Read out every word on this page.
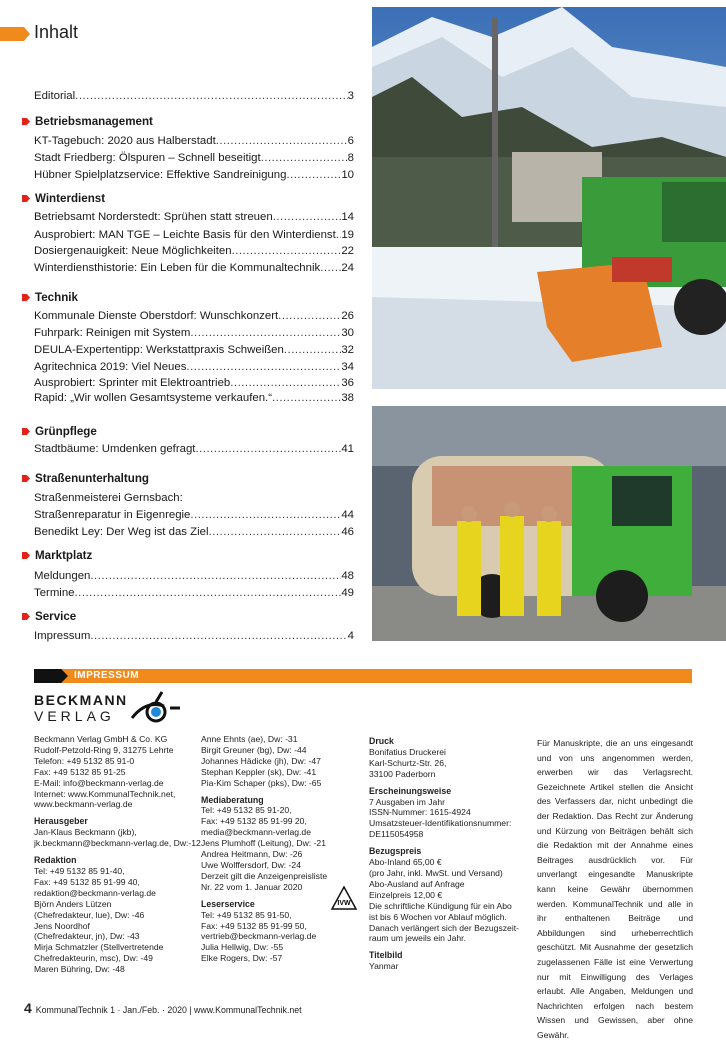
Inhalt
Editorial .....	3
Betriebsmanagement
KT-Tagebuch: 2020 aus Halberstadt .....	6
Stadt Friedberg: Ölspuren – Schnell beseitigt .....	8
Hübner Spielplatzservice: Effektive Sandreinigung .....	10
Winterdienst
Betriebsamt Norderstedt: Sprühen statt streuen .....	14
Ausprobiert: MAN TGE – Leichte Basis für den Winterdienst ..... 19
Dosiergenauigkeit: Neue Möglichkeiten .....	22
Winterdiensthistorie: Ein Leben für die Kommunaltechnik ..... 24
Technik
Kommunale Dienste Oberstdorf: Wunschkonzert .....	26
Fuhrpark: Reinigen mit System .....	30
DEULA-Expertentipp: Werkstattpraxis Schweißen .....	32
Agritechnica 2019: Viel Neues .....	34
Ausprobiert: Sprinter mit Elektroantrieb .....	36
Rapid: „Wir wollen Gesamtsysteme verkaufen.“ .....	38
Grünpflege
Stadtbäume: Umdenken gefragt .....	41
Straßenunterhaltung
Straßenmeisterei Gernsbach:
Straßenreparatur in Eigenregie .....	44
Benedikt Ley: Der Weg ist das Ziel .....	46
Marktplatz
Meldungen .....	48
Termine .....	49
Service
Impressum .....	4
IMPRESSUM
BECKMANN
VERLAG
Beckmann Verlag GmbH & Co. KG
Rudolf-Petzold-Ring 9, 31275 Lehrte
Telefon: +49 5132 85 91-0
Fax: +49 5132 85 91-25
E-Mail: info@beckmann-verlag.de
Internet: www.KommunalTechnik.net,
www.beckmann-verlag.de
Herausgeber
Jan-Klaus Beckmann (jkb),
jk.beckmann@beckmann-verlag.de, Dw:-12
Redaktion
Tel: +49 5132 85 91-40,
Fax: +49 5132 85 91-99 40,
redaktion@beckmann-verlag.de
Björn Anders Lützen
(Chefredakteur, lue), Dw: -46
Jens Noordhof
(Chefredakteur, jn), Dw: -43
Mirja Schmatzler (Stellvertretende
Chefredakteurin, msc), Dw: -49
Maren Bühring, Dw: -48
Anne Ehnts (ae), Dw: -31
Birgit Greuner (bg), Dw: -44
Johannes Hädicke (jh), Dw: -47
Stephan Keppler (sk), Dw: -41
Pia-Kim Schaper (pks), Dw: -65
Mediaberatung
Tel: +49 5132 85 91-20,
Fax: +49 5132 85 91-99 20,
media@beckmann-verlag.de
Jens Plumhoff (Leitung), Dw: -21
Andrea Heitmann, Dw: -26
Uwe Wolffersdorf, Dw: -24
Derzeit gilt die Anzeigenpreisliste
Nr. 22 vom 1. Januar 2020
Leserservice
Tel: +49 5132 85 91-50,
Fax: +49 5132 85 91-99 50,
vertrieb@beckmann-verlag.de
Julia Hellwig, Dw: -55
Elke Rogers, Dw: -57
Druck
Bonifatius Druckerei
Karl-Schurtz-Str. 26,
33100 Paderborn
Erscheinungsweise
7 Ausgaben im Jahr
ISSN-Nummer: 1615-4924
Umsatzsteuer-Identifikationsnummer:
DE115054958
Bezugspreis
Abo-Inland 65,00 €
(pro Jahr, inkl. MwSt. und Versand)
Abo-Ausland auf Anfrage
Einzelpreis 12,00 €
Die schriftliche Kündigung für ein Abo
ist bis 6 Wochen vor Ablauf möglich.
Danach verlängert sich der Bezugszeit-
raum um jeweils ein Jahr.
Titelbild
Yanmar
IVW
Für Manuskripte, die an uns eingesandt und von uns angenommen werden, erwerben wir das Verlagsrecht. Gezeichnete Artikel stellen die Ansicht des Verfassers dar, nicht unbedingt die der Redaktion. Das Recht zur Änderung und Kürzung von Beiträgen behält sich die Redaktion mit der Annahme eines Beitrages ausdrücklich vor. Für unverlangt eingesandte Manuskripte kann keine Gewähr übernommen werden. KommunalTechnik und alle in ihr enthaltenen Beiträge und Abbildungen sind urheberrechtlich geschützt. Mit Ausnahme der gesetzlich zugelassenen Fälle ist eine Verwertung nur mit Einwilligung des Verlages erlaubt. Alle Angaben, Meldungen und Nachrichten erfolgen nach bestem Wissen und Gewissen, aber ohne Gewähr.
4 KommunalTechnik 1 · Jan./Feb. · 2020 | www.KommunalTechnik.net
